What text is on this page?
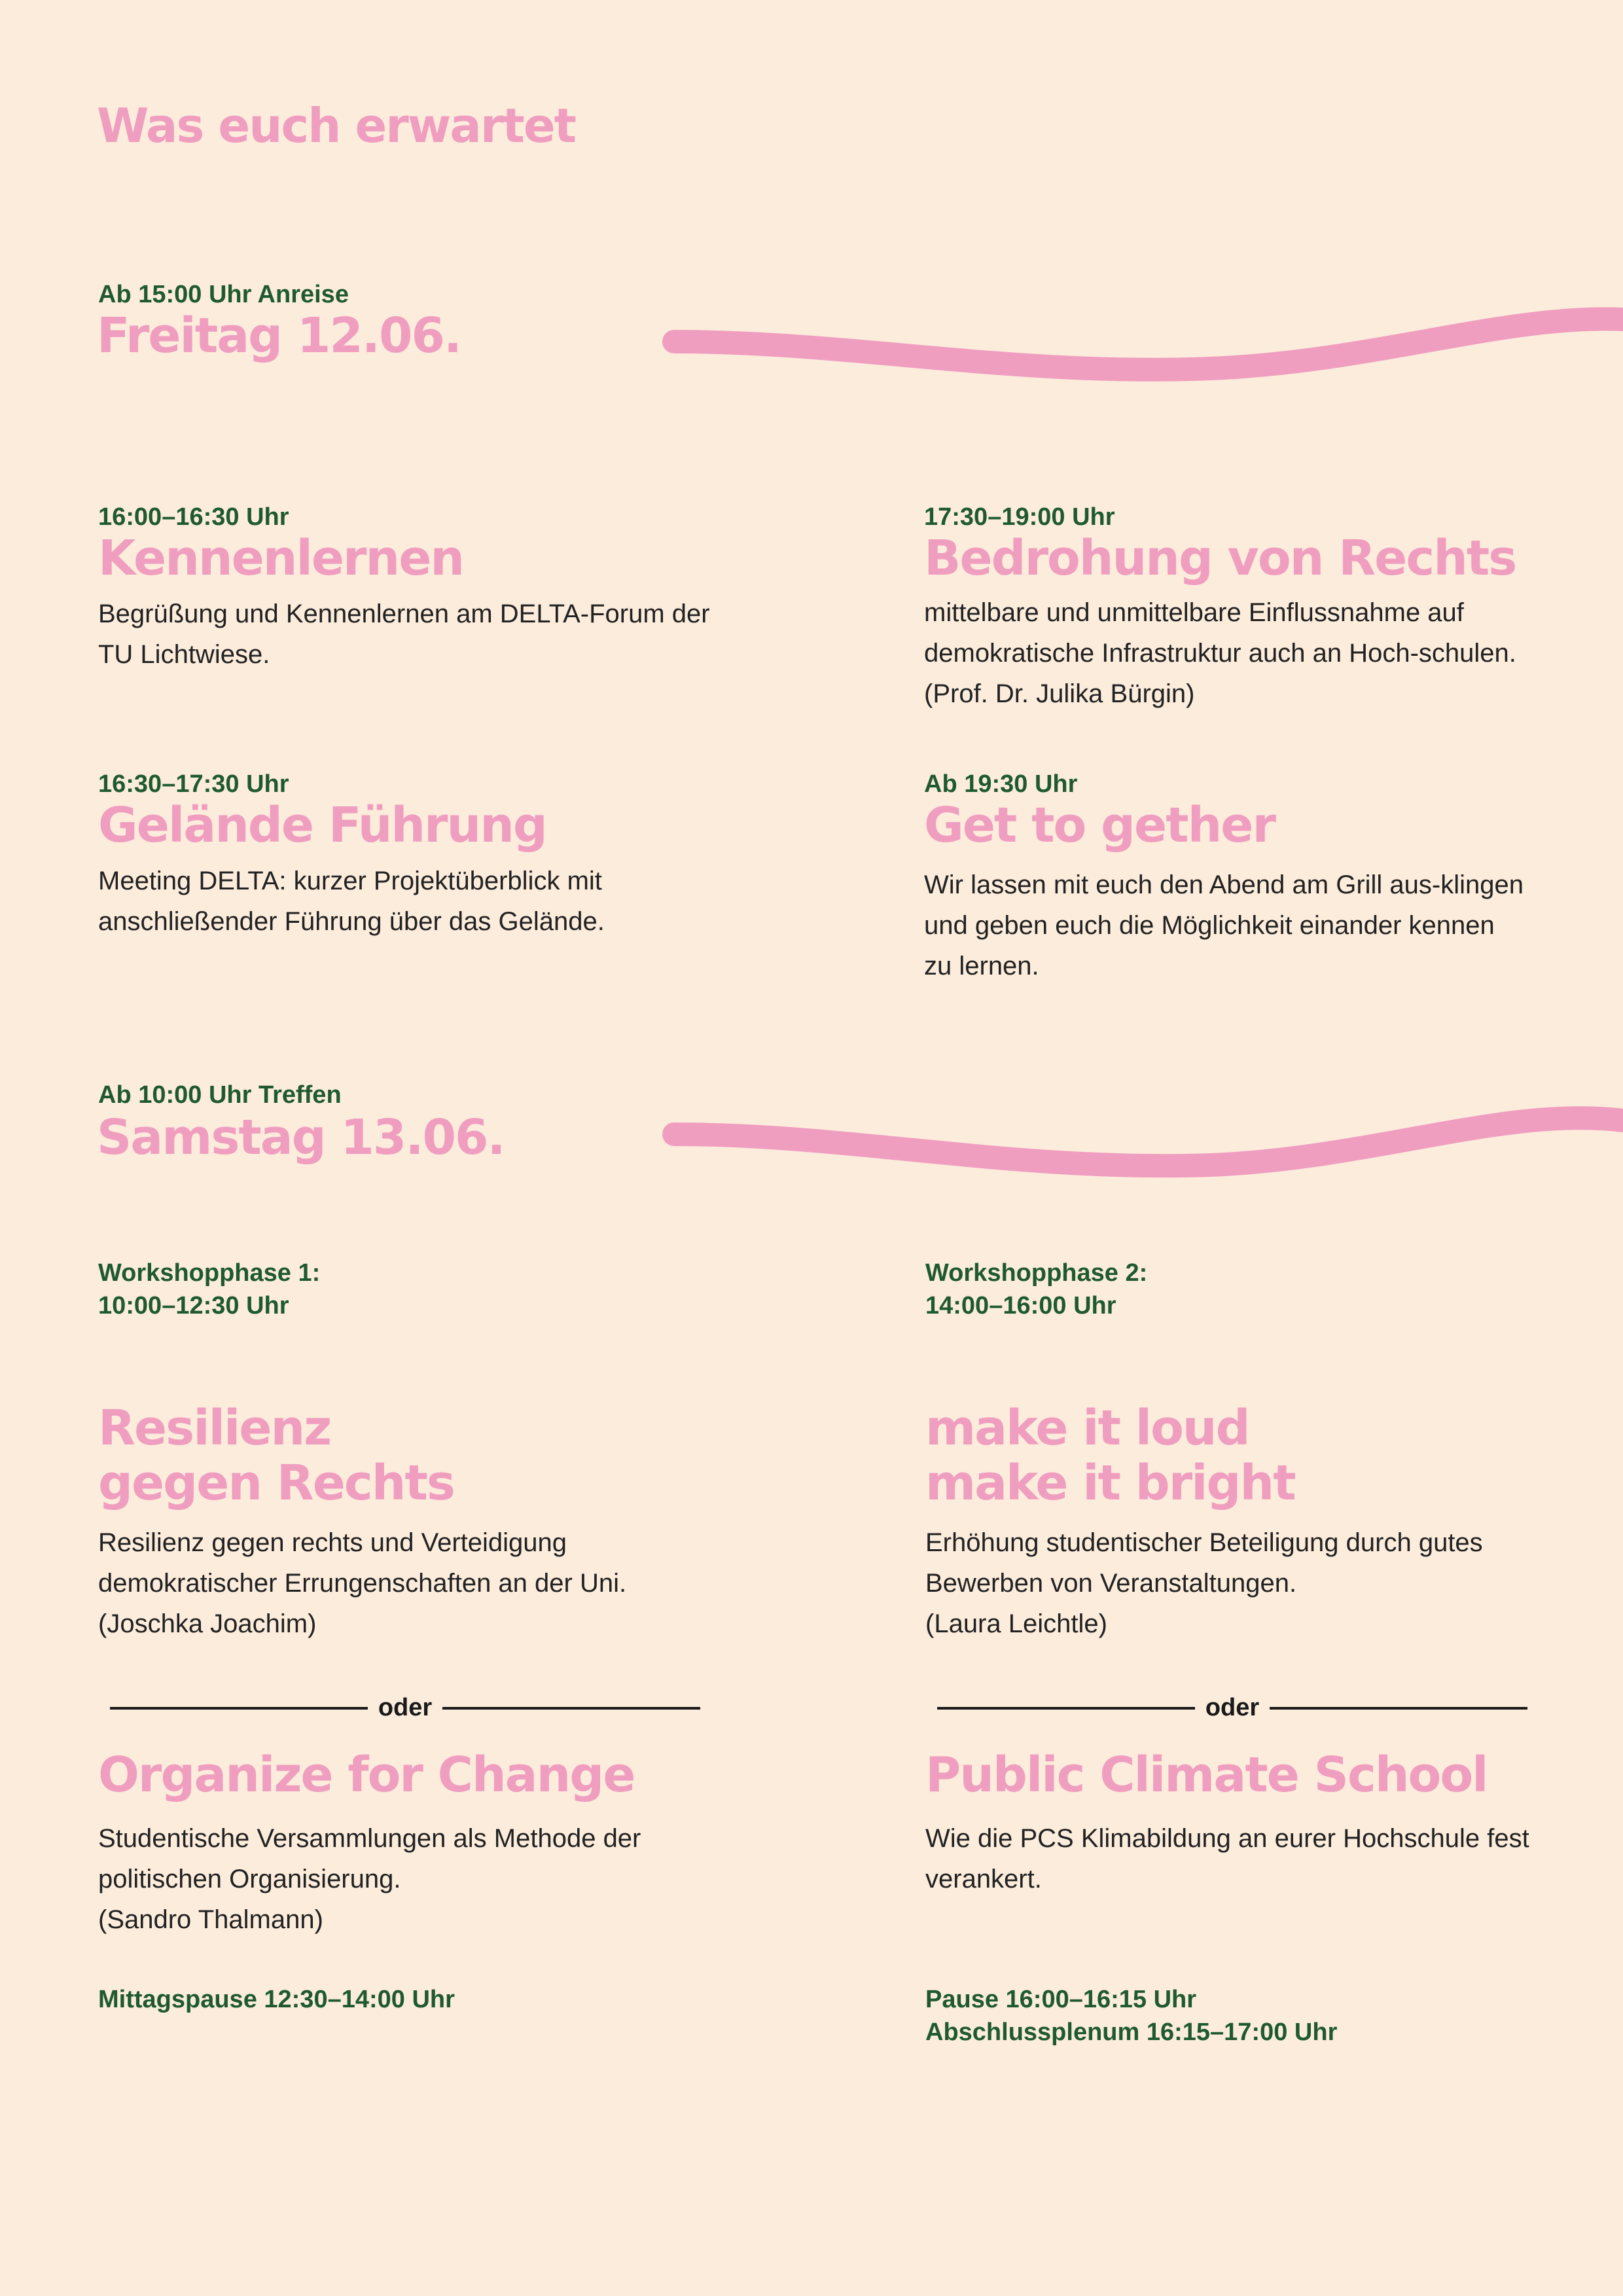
Was euch erwartet

Ab 15:00 Uhr Anreise

Freitag 12.06.

16:00–16:30 Uhr

Kennenlernen

Begrüßung und Kennenlernen am DELTA-Forum der TU Lichtwiese.

17:30–19:00 Uhr

Bedrohung von Rechts

mittelbare und unmittelbare Einflussnahme auf demokratische Infrastruktur auch an Hoch-schulen. (Prof. Dr. Julika Bürgin)

16:30–17:30 Uhr

Gelände Führung

Meeting DELTA: kurzer Projektüberblick mit anschließender Führung über das Gelände.

Ab 19:30 Uhr

Get to gether

Wir lassen mit euch den Abend am Grill aus-klingen und geben euch die Möglichkeit einander kennen zu lernen.

Ab 10:00 Uhr Treffen

Samstag 13.06.

Workshopphase 1:

10:00–12:30 Uhr

Resilienz
gegen Rechts

Resilienz gegen rechts und Verteidigung demokratischer Errungenschaften an der Uni.

(Joschka Joachim)

oder
Organize for Change

Studentische Versammlungen als Methode der politischen Organisierung.

(Sandro Thalmann)

Mittagspause 12:30–14:00 Uhr

Workshopphase 2:

14:00–16:00 Uhr

make it loud
make it bright

Erhöhung studentischer Beteiligung durch gutes Bewerben von Veranstaltungen.

(Laura Leichtle)

oder
Public Climate School

Wie die PCS Klimabildung an eurer Hochschule fest verankert.

Pause 16:00–16:15 Uhr

Abschlussplenum 16:15–17:00 Uhr
